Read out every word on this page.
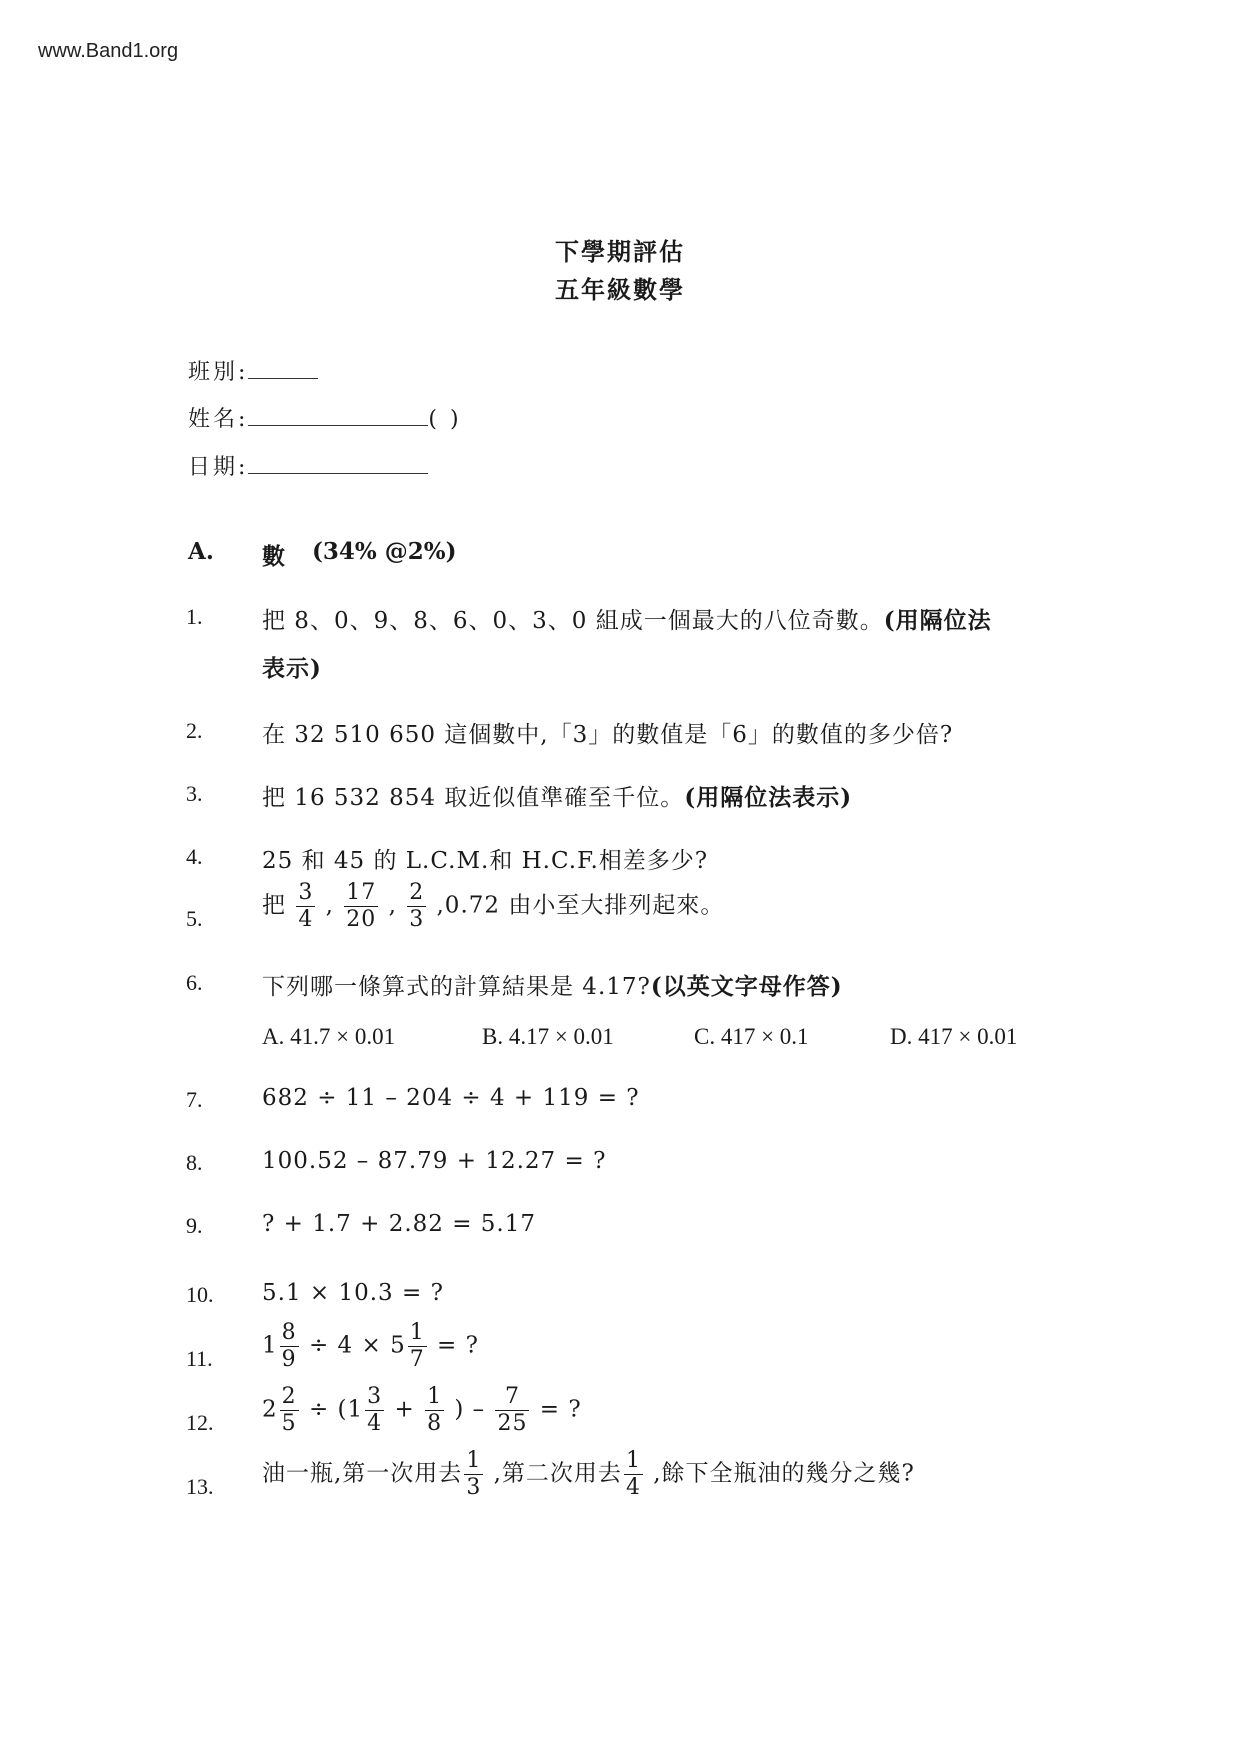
www.Band1.org
下學期評估
五年級數學
班別:
姓名:	( )
日期:
A. 數 (34% @2%)
1.	把 8、0、9、8、6、0、3、0 組成一個最大的八位奇數。(用隔位法
表示)
2.	在 32 510 650 這個數中,「3」的數值是「6」的數值的多少倍?
3.	把 16 532 854 取近似值準確至千位。(用隔位法表示)
4.	25 和 45 的 L.C.M.和 H.C.F.相差多少?
5.	把 $\frac{3}{4}$ , $\frac{17}{20}$ , $\frac{2}{3} ,0.72$ 由小至大排列起來。
6.	下列哪一條算式的計算結果是 4.17?(以英文字母作答)
A. 41.7 × 0.01	B. 4.17 × 0.01	C. 417 × 0.1	D. 417 × 0.01
7.	682 ÷ 11 – 204 ÷ 4 + 119 = ?
8.	100.52 – 87.79 + 12.27 = ?
9.	? + 1.7 + 2.82 = 5.17
10.	5.1 × 10.3 = ?
11.	$1 \frac{8}{9} \div 4 \times 5 \frac{1}{7}$ = ?
12.	$2 \frac{2}{5} \div (1 \frac{3}{4} + \frac{1}{8}$ ) – $\frac{7}{25}$ = ?
13.	油一瓶,第一次用去 $\frac{1}{3}$ ,第二次用去 $\frac{1}{4}$ ,餘下全瓶油的幾分之幾?
